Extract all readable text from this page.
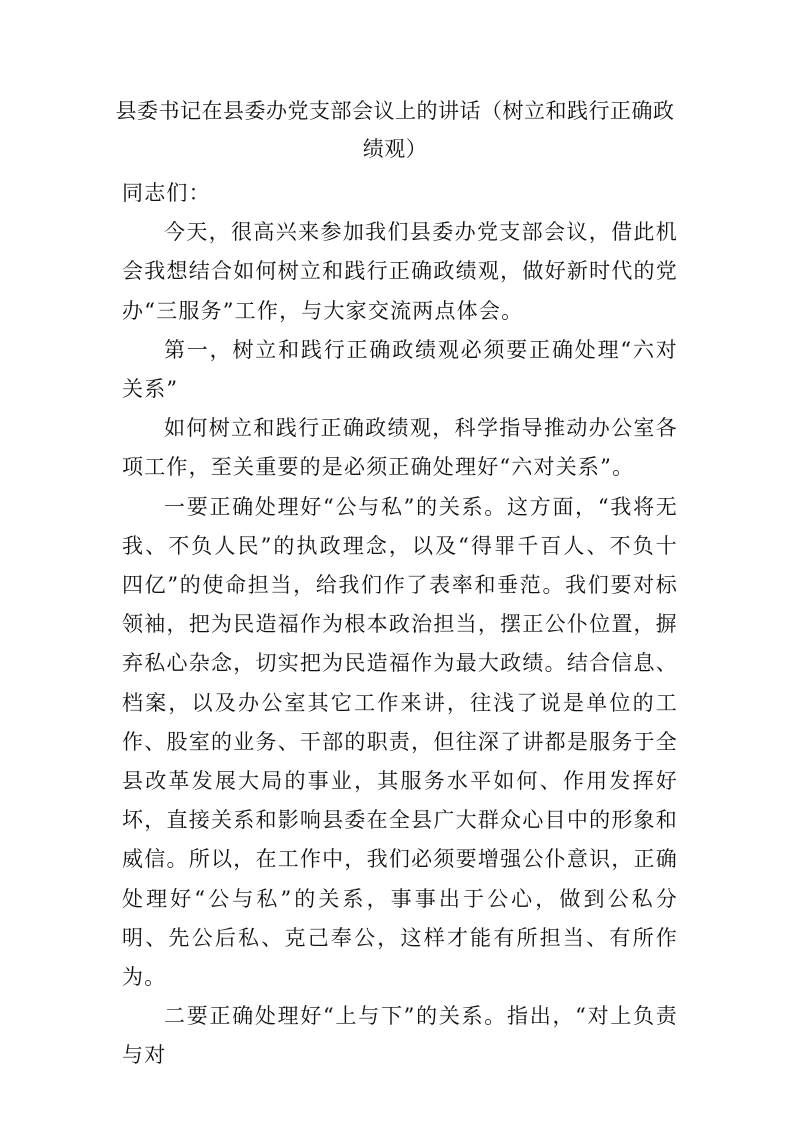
县委书记在县委办党支部会议上的讲话（树立和践行正确政绩观）

同志们：

今天，很高兴来参加我们县委办党支部会议，借此机会我想结合如何树立和践行正确政绩观，做好新时代的党办“三服务”工作，与大家交流两点体会。

第一，树立和践行正确政绩观必须要正确处理“六对关系”

如何树立和践行正确政绩观，科学指导推动办公室各项工作，至关重要的是必须正确处理好“六对关系”。

一要正确处理好“公与私”的关系。这方面，“我将无我、不负人民”的执政理念，以及“得罪千百人、不负十四亿”的使命担当，给我们作了表率和垂范。我们要对标领袖，把为民造福作为根本政治担当，摆正公仆位置，摒弃私心杂念，切实把为民造福作为最大政绩。结合信息、档案，以及办公室其它工作来讲，往浅了说是单位的工作、股室的业务、干部的职责，但往深了讲都是服务于全县改革发展大局的事业，其服务水平如何、作用发挥好坏，直接关系和影响县委在全县广大群众心目中的形象和威信。所以，在工作中，我们必须要增强公仆意识，正确处理好“公与私”的关系，事事出于公心，做到公私分明、先公后私、克己奉公，这样才能有所担当、有所作为。

二要正确处理好“上与下”的关系。指出，“对上负责与对
